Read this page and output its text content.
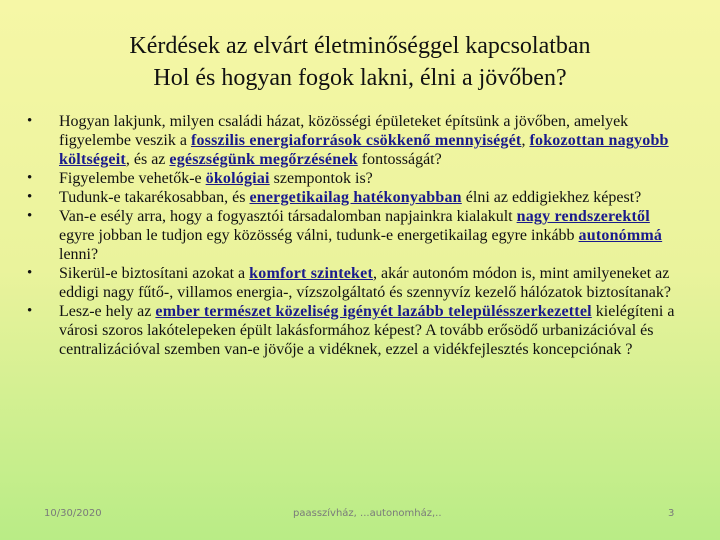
Kérdések az elvárt életminőséggel kapcsolatban
Hol és hogyan fogok lakni, élni a jövőben?
• Hogyan lakjunk, milyen családi házat, közösségi épületeket építsünk a jövőben, amelyek figyelembe veszik a fosszilis energiaforrások csökkenő mennyiségét, fokozottan nagyobb költségeit, és az egészségünk megőrzésének fontosságát?
• Figyelembe vehetők-e ökológiai szempontok is?
• Tudunk-e takarékosabban, és energetikailag hatékonyabban élni az eddigiekhez képest?
• Van-e esély arra, hogy a fogyasztói társadalomban napjainkra kialakult nagy rendszerektől egyre jobban le tudjon egy közösség válni, tudunk-e energetikailag egyre inkább autonómmá lenni?
• Sikerül-e biztosítani azokat a komfort szinteket, akár autonóm módon is, mint amilyeneket az eddigi nagy fűtő-, villamos energia-, vízszolgáltató és szennyvíz kezelő hálózatok biztosítanak?
• Lesz-e hely az ember természet közeliség igényét lazább településszerkezettel kielégíteni a városi szoros lakótelepeken épült lakásformához képest? A tovább erősödő urbanizációval és centralizációval szemben van-e jövője a vidéknek, ezzel a vidékfejlesztés koncepciónak ?
10/30/2020	paasszívház, ...autonomház,..	3
